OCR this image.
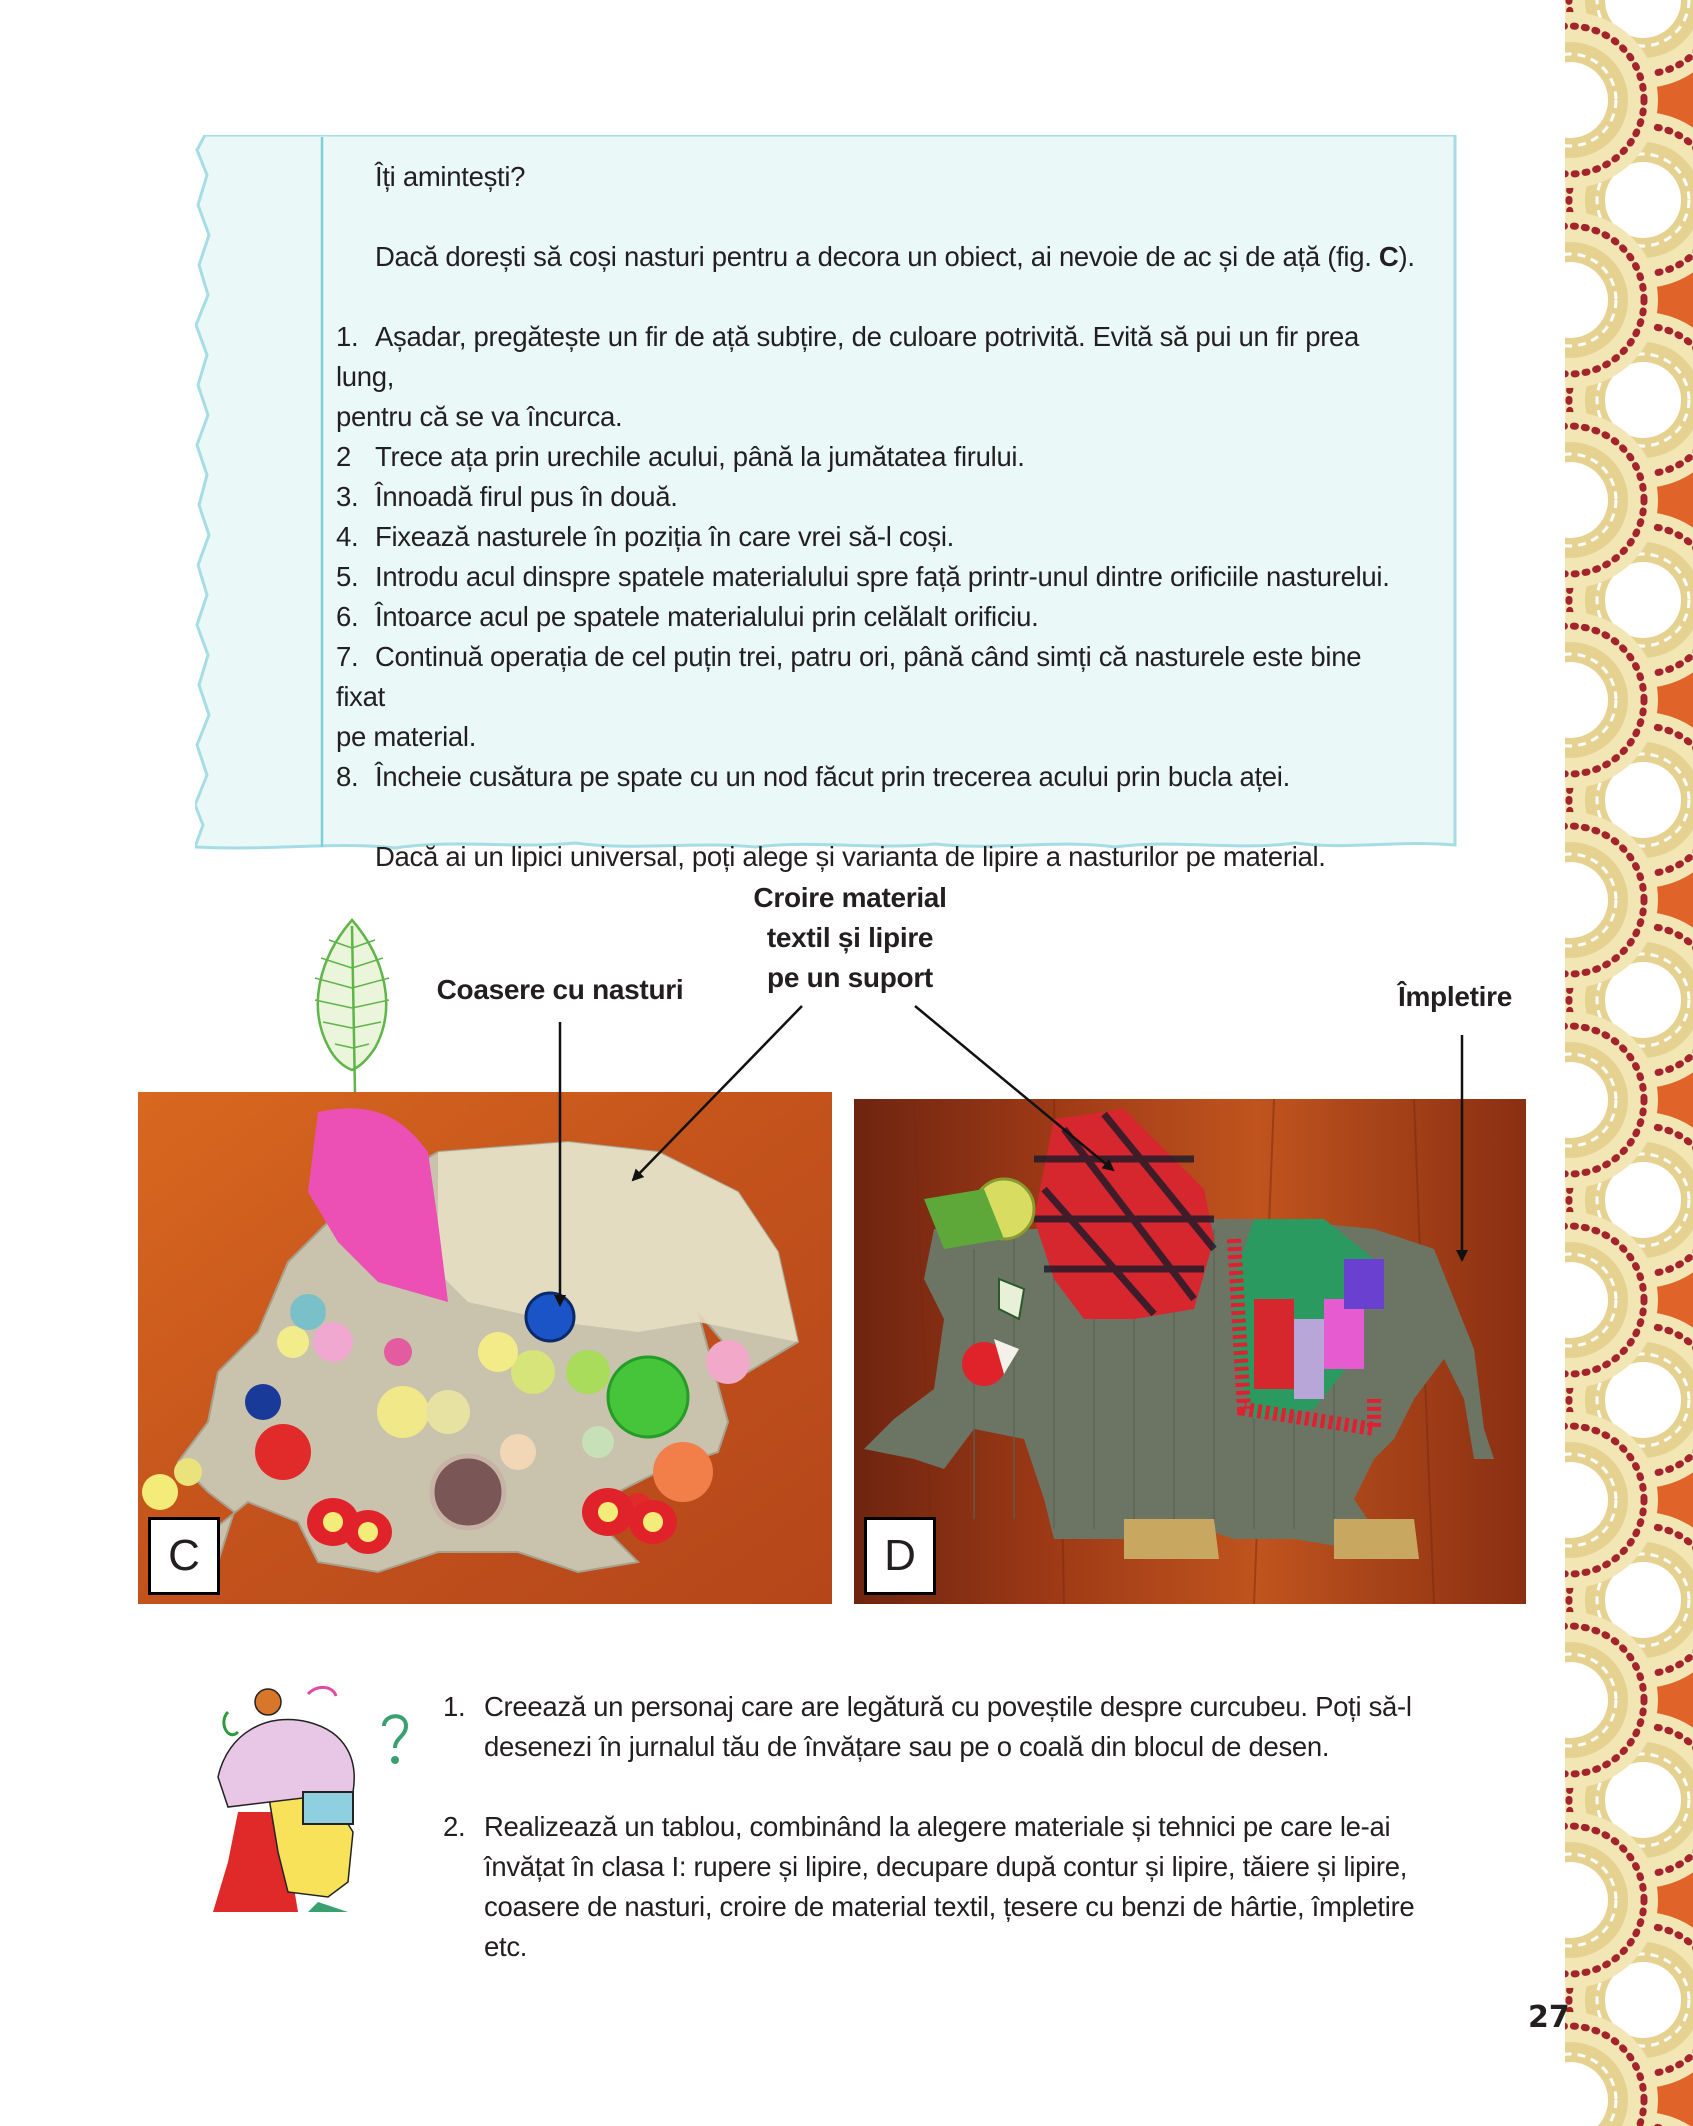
Îți amintești?

Dacă dorești să coși nasturi pentru a decora un obiect, ai nevoie de ac și de ață (fig. C).

1. Așadar, pregătește un fir de ață subțire, de culoare potrivită. Evită să pui un fir prea lung,
pentru că se va încurca.
2 Trece ața prin urechile acului, până la jumătatea firului.
3. Înnoadă firul pus în două.
4. Fixează nasturele în poziția în care vrei să-l coși.
5. Introdu acul dinspre spatele materialului spre față printr-unul dintre orificiile nasturelui.
6. Întoarce acul pe spatele materialului prin celălalt orificiu.
7. Continuă operația de cel puțin trei, patru ori, până când simți că nasturele este bine fixat
pe material.
8. Încheie cusătura pe spate cu un nod făcut prin trecerea acului prin bucla aței.

Dacă ai un lipici universal, poți alege și varianta de lipire a nasturilor pe material.

Coasere cu nasturi
Croire material
textil și lipire
pe un suport
Împletire
C	D
1. Creează un personaj care are legătură cu poveștile despre curcubeu. Poți să-l
desenezi în jurnalul tău de învățare sau pe o coală din blocul de desen.
2. Realizează un tablou, combinând la alegere materiale și tehnici pe care le-ai
învățat în clasa I: rupere și lipire, decupare după contur și lipire, tăiere și lipire,
coasere de nasturi, croire de material textil, țesere cu benzi de hârtie, împletire etc.
27
